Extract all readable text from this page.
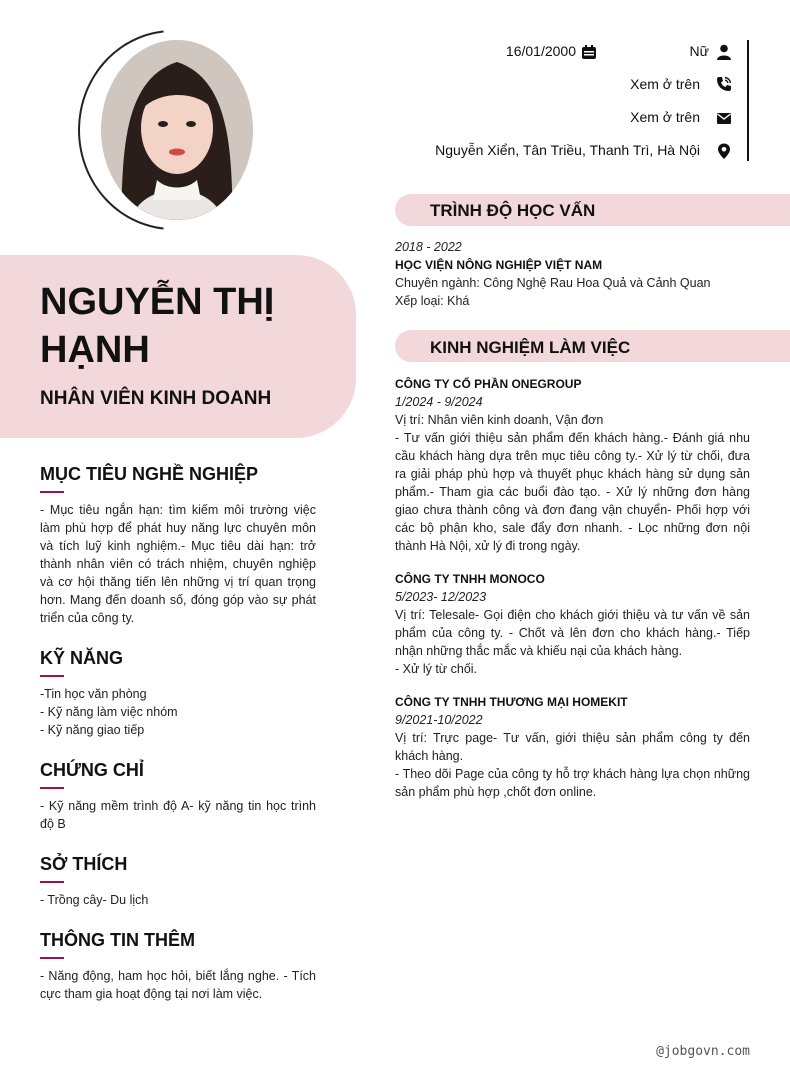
NGUYỄN THỊ HẠNH
NHÂN VIÊN KINH DOANH
16/01/2000	Nữ
Xem ở trên
Xem ở trên
Nguyễn Xiển, Tân Triều, Thanh Trì, Hà Nội
MỤC TIÊU NGHỀ NGHIỆP
- Mục tiêu ngắn hạn: tìm kiếm môi trường việc làm phù hợp để phát huy năng lực chuyên môn và tích luỹ kinh nghiệm.- Mục tiêu dài hạn: trở thành nhân viên có trách nhiệm, chuyên nghiệp và cơ hội thăng tiến lên những vị trí quan trọng hơn. Mang đến doanh số, đóng góp vào sự phát triển của công ty.
KỸ NĂNG
-Tin học văn phòng
- Kỹ năng làm việc nhóm
- Kỹ năng giao tiếp
CHỨNG CHỈ
- Kỹ năng mềm trình độ A- kỹ năng tin học trình độ B
SỞ THÍCH
- Trồng cây- Du lịch
THÔNG TIN THÊM
- Năng động, ham học hỏi, biết lắng nghe. - Tích cực tham gia hoạt động tại nơi làm việc.
TRÌNH ĐỘ HỌC VẤN
2018 - 2022
HỌC VIỆN NÔNG NGHIỆP VIỆT NAM
Chuyên ngành: Công Nghệ Rau Hoa Quả và Cảnh Quan
Xếp loại: Khá
KINH NGHIỆM LÀM VIỆC
CÔNG TY CỔ PHẦN ONEGROUP
1/2024 - 9/2024
Vị trí: Nhân viên kinh doanh, Vận đơn
- Tư vấn giới thiệu sản phẩm đến khách hàng.- Đánh giá nhu cầu khách hàng dựa trên mục tiêu công ty.- Xử lý từ chối, đưa ra giải pháp phù hợp và thuyết phục khách hàng sử dụng sản phẩm.- Tham gia các buổi đào tạo. - Xử lý những đơn hàng giao chưa thành công và đơn đang vận chuyển- Phối hợp với các bộ phận kho, sale đẩy đơn nhanh. - Lọc những đơn nội thành Hà Nội, xử lý đi trong ngày.
CÔNG TY TNHH MONOCO
5/2023- 12/2023
Vị trí: Telesale- Gọi điện cho khách giới thiệu và tư vấn về sản phẩm của công ty. - Chốt và lên đơn cho khách hàng.- Tiếp nhận những thắc mắc và khiếu nại của khách hàng.
- Xử lý từ chối.
CÔNG TY TNHH THƯƠNG MẠI HOMEKIT
9/2021-10/2022
Vị trí: Trực page- Tư vấn, giới thiệu sản phẩm công ty đến khách hàng.
- Theo dõi Page của công ty hỗ trợ khách hàng lựa chọn những sản phẩm phù hợp ,chốt đơn online.
@jobgovn.com
